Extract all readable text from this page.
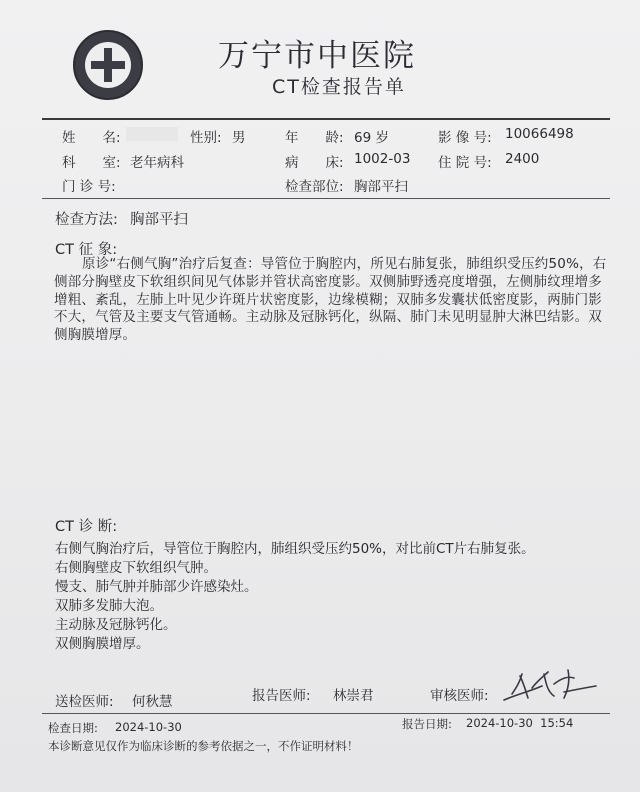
万宁市中医院
CT检查报告单
姓　　名:	性别: 男	年　　龄: 69 岁	影 像 号: 10066498
科　　室: 老年病科	病　　床: 1002-03 住 院 号: 2400
门 诊 号:	检查部位: 胸部平扫
检查方法: 胸部平扫
CT 征 象:
原诊“右侧气胸”治疗后复查：导管位于胸腔内，所见右肺复张，肺组织受压约50%，右侧部分胸壁皮下软组织间见气体影并管状高密度影。双侧肺野透亮度增强，左侧肺纹理增多增粗、紊乱，左肺上叶见少许斑片状密度影，边缘模糊；双肺多发囊状低密度影，两肺门影不大，气管及主要支气管通畅。主动脉及冠脉钙化，纵隔、肺门未见明显肿大淋巴结影。双侧胸膜增厚。
CT 诊 断:
右侧气胸治疗后，导管位于胸腔内，肺组织受压约50%，对比前CT片右肺复张。
右侧胸壁皮下软组织气肿。
慢支、肺气肿并肺部少许感染灶。
双肺多发肺大泡。
主动脉及冠脉钙化。
双侧胸膜增厚。
送检医师: 何秋慧	报告医师: 林崇君	审核医师:
检查日期: 2024-10-30	报告日期: 2024-10-30  15:54
本诊断意见仅作为临床诊断的参考依据之一，不作证明材料！
